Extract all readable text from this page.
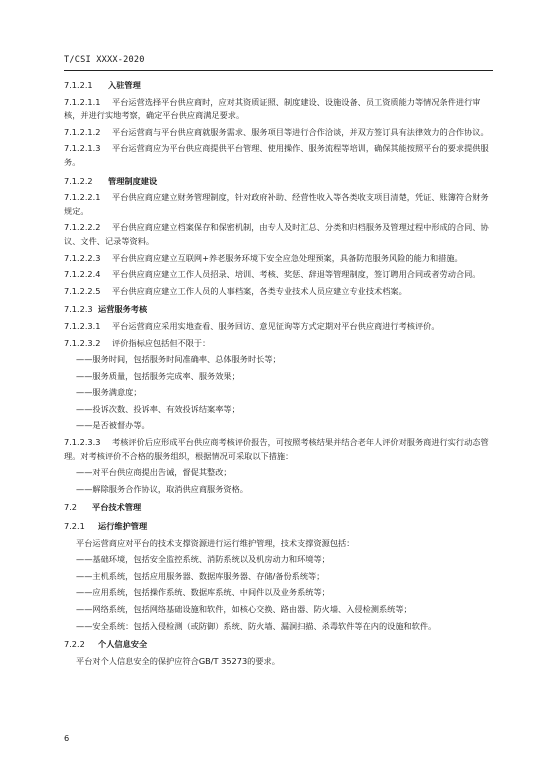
T/CSI XXXX-2020
7.1.2.1 入驻管理
7.1.2.1.1 平台运营选择平台供应商时，应对其资质证照、制度建设、设施设备、员工资质能力等情况条件进行审核，并进行实地考察，确定平台供应商满足要求。
7.1.2.1.2 平台运营商与平台供应商就服务需求、服务项目等进行合作洽谈，并双方签订具有法律效力的合作协议。
7.1.2.1.3 平台运营商应为平台供应商提供平台管理、使用操作、服务流程等培训，确保其能按照平台的要求提供服务。
7.1.2.2 管理制度建设
7.1.2.2.1 平台供应商应建立财务管理制度，针对政府补助、经营性收入等各类收支项目清楚，凭证、账簿符合财务规定。
7.1.2.2.2 平台供应商应建立档案保存和保密机制，由专人及时汇总、分类和归档服务及管理过程中形成的合同、协议、文件、记录等资料。
7.1.2.2.3 平台供应商应建立互联网+养老服务环境下安全应急处理预案，具备防范服务风险的能力和措施。
7.1.2.2.4 平台供应商应建立工作人员招录、培训、考核、奖惩、辞退等管理制度，签订聘用合同或者劳动合同。
7.1.2.2.5 平台供应商应建立工作人员的人事档案，各类专业技术人员应建立专业技术档案。
7.1.2.3 运营服务考核
7.1.2.3.1 平台运营商应采用实地查看、服务回访、意见征询等方式定期对平台供应商进行考核评价。
7.1.2.3.2 评价指标应包括但不限于：
——服务时间，包括服务时间准确率、总体服务时长等；
——服务质量，包括服务完成率、服务效果；
——服务满意度；
——投诉次数、投诉率、有效投诉结案率等；
——是否被督办等。
7.1.2.3.3 考核评价后应形成平台供应商考核评价报告，可按照考核结果并结合老年人评价对服务商进行实行动态管理。对考核评价不合格的服务组织，根据情况可采取以下措施：
——对平台供应商提出告诫，督促其整改；
——解除服务合作协议，取消供应商服务资格。
7.2 平台技术管理
7.2.1 运行维护管理
平台运营商应对平台的技术支撑资源进行运行维护管理，技术支撑资源包括：
——基础环境，包括安全监控系统、消防系统以及机房动力和环境等；
——主机系统，包括应用服务器、数据库服务器、存储/备份系统等；
——应用系统，包括操作系统、数据库系统、中间件以及业务系统等；
——网络系统，包括网络基础设施和软件，如核心交换、路由器、防火墙、入侵检测系统等；
——安全系统：包括入侵检测（或防御）系统、防火墙、漏洞扫描、杀毒软件等在内的设施和软件。
7.2.2 个人信息安全
平台对个人信息安全的保护应符合GB/T 35273的要求。
6
